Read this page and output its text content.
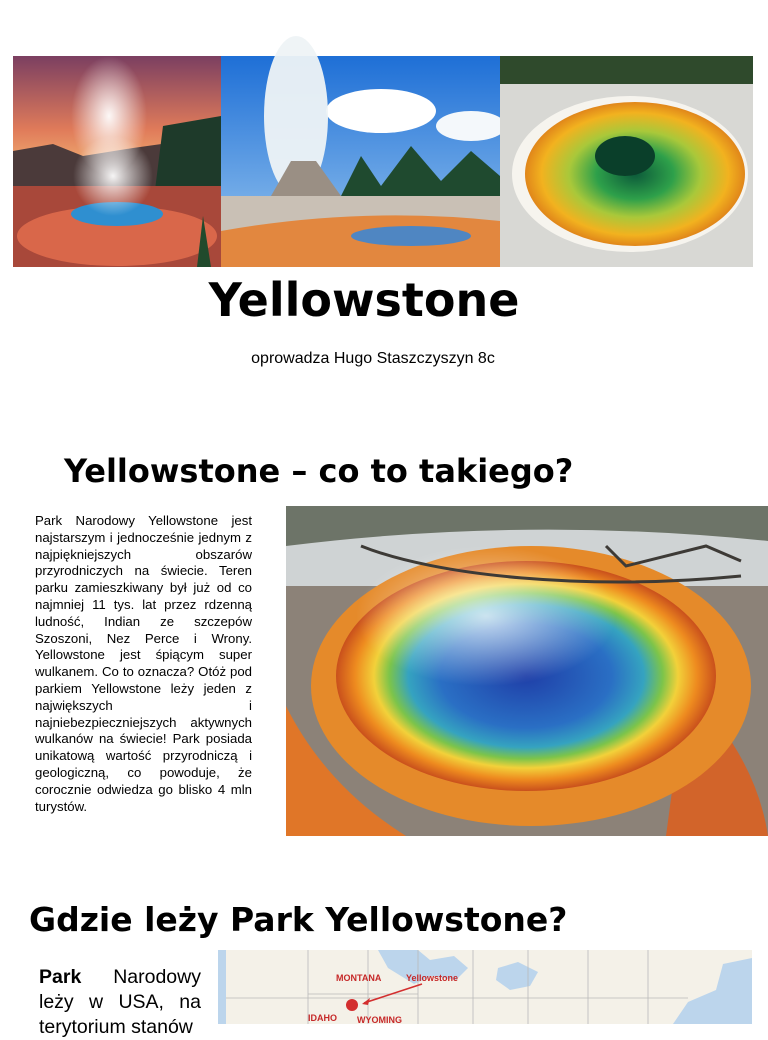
Yellowstone
oprowadza Hugo Staszczyszyn 8c
Yellowstone – co to takiego?
Park Narodowy Yellowstone jest najstarszym i jednocześnie jednym z najpiękniejszych obszarów przyrodniczych na świecie. Teren parku zamieszkiwany był już od co najmniej 11 tys. lat przez rdzenną ludność, Indian ze szczepów Szoszoni, Nez Perce i Wrony. Yellowstone jest śpiącym super wulkanem. Co to oznacza? Otóż pod parkiem Yellowstone leży jeden z największych i najniebezpieczniejszych aktywnych wulkanów na świecie! Park posiada unikatową wartość przyrodniczą i geologiczną, co powoduje, że corocznie odwiedza go blisko 4 mln turystów.
Gdzie leży Park Yellowstone?
Park Narodowy leży w USA, na terytorium stanów
MONTANA	Yellowstone
IDAHO WYOMING
